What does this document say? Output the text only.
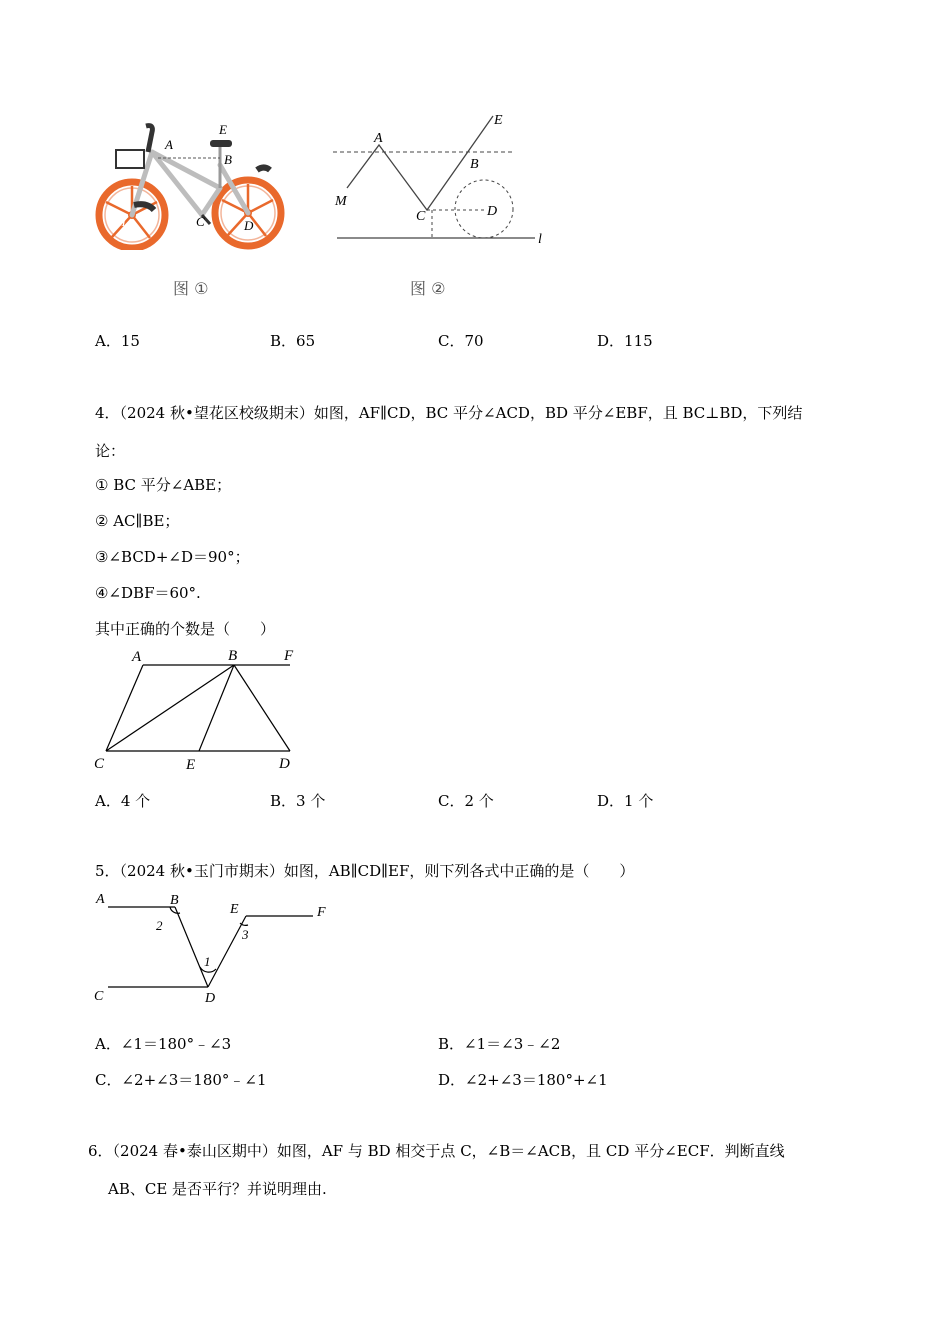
A
E
B
M	C	D
图 ①
A
E
B
M
C	D
l
图 ②
A．15	B．65	C．70	D．115
4．（2024 秋•望花区校级期末）如图，AF∥CD，BC 平分∠ACD，BD 平分∠EBF，且 BC⊥BD，下列结
论：
① BC 平分∠ABE；
② AC∥BE；
③∠BCD+∠D＝90°；
④∠DBF＝60°.
其中正确的个数是（　　）
A	B	F
C	E	D
A．4 个	B．3 个	C．2 个	D．1 个
5．（2024 秋•玉门市期末）如图，AB∥CD∥EF，则下列各式中正确的是（　　）
A	B
E	F
2
3
1
C	D
A．∠1＝180°﹣∠3	B．∠1＝∠3﹣∠2
C．∠2+∠3＝180°﹣∠1	D．∠2+∠3＝180°+∠1
6．（2024 春•泰山区期中）如图，AF 与 BD 相交于点 C，∠B＝∠ACB，且 CD 平分∠ECF．判断直线
AB、CE 是否平行？并说明理由.
